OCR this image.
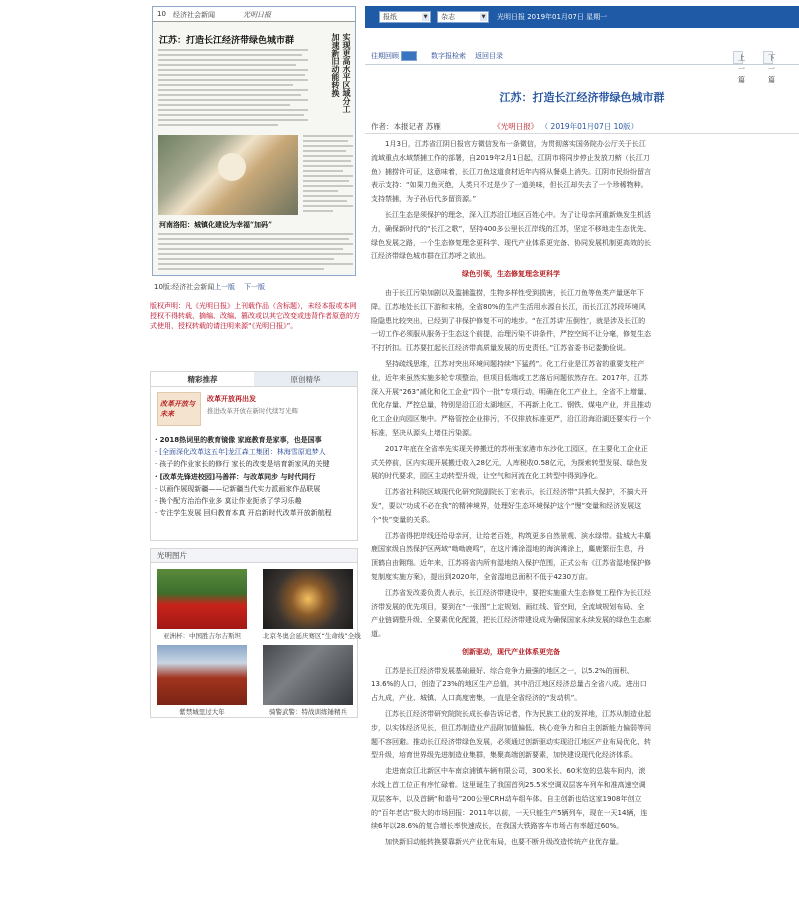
10 经济社会新闻	光明日报
江苏：打造长江经济带绿色城市群	实现更高水平区域分工 加速新旧动能转换
河南洛阳：城镇化建设为幸福“加码”
10版:经济社会新闻 上一版 下一版
版权声明：凡《光明日报》上刊载作品（含标题），未经本报或本网授权不得转载、摘编、改编、篡改或以其它改变或违背作者原意的方式使用，授权转载的请注明来源“《光明日报》”。
精彩推荐	原创精华
改革开放与未来
改革开放再出发
推进改革开放在新时代续写光辉
· 2018热词里的教育镜像 家庭教育是家事，也是国事
· [全面深化改革这五年]龙江森工集团：林海雪原追梦人
· 孩子的作业家长的修行 家长的改变是培育新家风的关键
· [改革先锋进校园]马善祥：与改革同步 与时代同行
· 以画作展现新疆——记新疆当代实力派画家作品联展
· 换个配方治治作业多 莫让作业扼杀了学习乐趣
· 专注学生发展 回归教育本真 开启新时代改革开放新航程
光明图片
亚洲杯：中国胜吉尔吉斯坦	北京冬奥会延庆赛区“生命线”全线
紫禁城里过大年	骑警武警：特战训练锤精兵
报纸	▼	杂志	▼ 光明日报 2019年01月07日 星期一
往期回顾	数字报检索 返回目录	上一篇
下一篇
江苏：打造长江经济带绿色城市群
作者：本报记者 苏雁	《光明日报》 （ 2019年01月07日 10版）

1月3日，江苏省江阴日报官方微信发布一条微信，为贯彻落实国务院办公厅关于长江流域重点水域禁捕工作的部署，自2019年2月1日起，江阴市将同步停止发放刀鲚（长江刀鱼）捕捞许可证，这意味着，长江刀鱼这道食材近年内将从餐桌上消失。江阴市民纷纷留言表示支持：“如果刀鱼灭绝，人类只不过是少了一道美味，但长江却失去了一个珍稀物种。支持禁捕，为子孙后代多留资源。”

长江生态是须保护的理念，深入江苏沿江地区百姓心中。为了让母亲河重新焕发生机活力，确保新时代的“长江之歌”，坚持400多公里长江岸线的江苏，坚定不移地走生态优先、绿色发展之路，一个生态修复理念更科学、现代产业体系更完备、协同发展机制更高效的长江经济带绿色城市群在江苏呼之欲出。

绿色引领，生态修复理念更科学

由于长江污染加剧以及滥捕滥捞，生物多样性受到损害，长江刀鱼等鱼类产量逐年下降。江苏地处长江下游和末梢，全省80%的生产生活用水源自长江，而长江江苏段环境风险隐患比较突出，已经到了非保护修复不可的地步。“在江苏讲‘压倒性’，就是涉及长江的一切工作必须服从服务于生态这个前提，治理污染不讲条件，严控空间不让分毫，修复生态不打折扣。江苏要扛起长江经济带高质量发展的历史责任。”江苏省委书记娄勤俭说。

坚持疏线思维，江苏对突出环境问题持续“下猛药”。化工行业是江苏省的重要支柱产业，近年来虽然实施多轮专项整治，但项目低端或工艺落后问题依然存在。2017年，江苏深入开展“263”减化和化工企业“四个一批”专项行动，明确在化工产业上，全省不上增量、优化存量、严控总量，特别是沿江沿太湖地区，不再新上化工、钢铁、煤电产业，并且推动化工企业向园区集中。严格管控企业排污，不仅排放标准更严，沿江沿海沿湖还要实行一个标准，坚决从源头上堵住污染源。

2017年底在全省率先实现关停搬迁的苏州张家港市东沙化工园区，在主要化工企业正式关停前，区内实现开展搬迁收入28亿元，人库税收0.58亿元，为探索转型发展、绿色发展的时代要求，园区主动转型升级，让空气和河流在化工转型中得到净化。

江苏省社科院区域现代化研究院副院长丁宏表示，长江经济带“共抓大保护，不搞大开发”，要以“功成不必在我”的精神境界，处理好生态环境保护这个“慢”变量和经济发展这个“快”变量的关系。

江苏省得把岸线还给母亲河，让给老百姓，构筑更多自然景观、滨水绿带。盐城大丰麋鹿国家级自然保护区两域“呦呦鹿鸣”，在这片滩涂湿地的海滨滩涂上，麋鹿繁衍生息，丹顶鹤自由翱翔。近年来，江苏将省内所有湿地纳入保护范围，正式公布《江苏省湿地保护修复制度实施方案》，提出到2020年，全省湿地总面积不低于4230万亩。

江苏省发改委负责人表示，长江经济带建设中，要把实施重大生态修复工程作为长江经济带发展的优先项目，要到在“一张图”上定规划、画红线、管空间，全流域规划布局、全产业链调整升级、全要素优化配置，把长江经济带建设成为确保国家永续发展的绿色生态廊道。

创新驱动，现代产业体系更完备

江苏是长江经济带发展基础最好、综合竞争力最强的地区之一，以5.2%的面积、13.6%的人口，创造了23%的地区生产总值，其中沿江地区经济总量占全省八成。进出口占九成，产业、城镇、人口高度密集，一直是全省经济的“发动机”。

江苏长江经济带研究院院长成长春告诉记者，作为民族工业的发祥地，江苏从制造业起步，以实体经济见长，但江苏制造业产品附加值偏低、核心竞争力和自主创新能力偏弱等问题不容回避。推动长江经济带绿色发展，必须通过创新驱动实现沿江地区产业布局优化、转型升级，培育世界级先进制造业集群，集聚高端创新要素，加快建设现代化经济体系。

走进南京江北新区中车南京浦镇车辆有限公司，300米长、60米宽的总装车间内，滚水线上首工位正有序忙碌着。这里诞生了我国首列25.5米空调双层客车列车和准高速空调双层客车，以及首辆“和谐号”200公里CRH动车组车体。自主创新也给这家1908年创立的“百年老店”极大的市场回报：2011年以前，一天只能生产5辆列车，现在一天14辆，连续6年以28.6%的复合增长率快速成长，在我国大铁路客车市场占有率超过60%。

加快新旧动能转换要靠新兴产业优布局，也要不断升级改造传统产业优存量。
